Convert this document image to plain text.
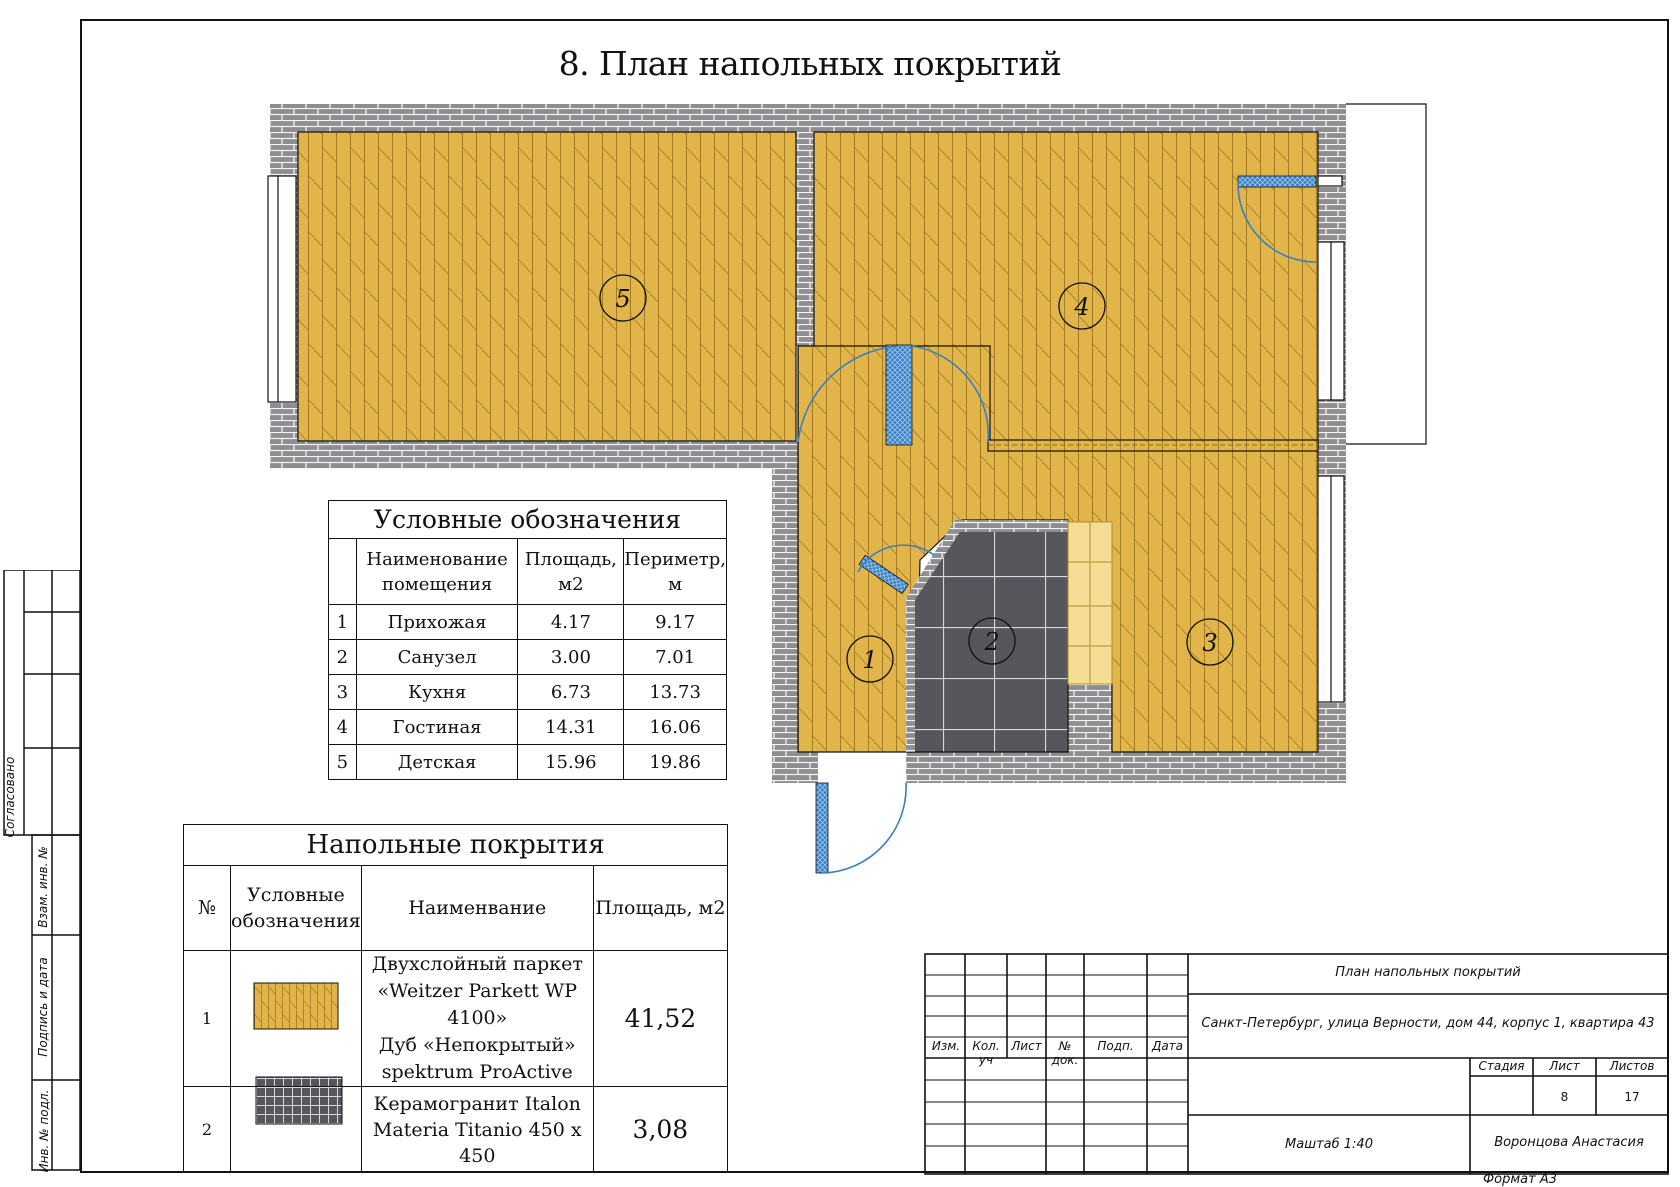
Согласовано
Взам. инв. №
Подпись и дата
Инв. № подл.
8. План напольных покрытий
1
2	3
4
5
Условные обозначения			
	Наименование помещения	Площадь, м2	Периметр, м
1	Прихожая	4.17	9.17
2	Санузел	3.00	7.01
3	Кухня	6.73	13.73
4	Гостиная	14.31	16.06
5	Детская	15.96	19.86
Напольные покрытия			
№	Условные обозначения	Наименвание	Площадь, м2
1		Двухслойный паркет
«Weitzer Parkett WP 4100»
Дуб «Непокрытый»
spektrum ProActive	41,52
2		Керамогранит Italon
Materia Titanio 450 x 450	3,08
План напольных покрытий
Санкт-Петербург, улица Верности, дом 44, корпус 1, квартира 43
Изм.	Кол. уч
Лист	№ док.
Подп.	Дата
Стадия	Лист	Листов
8	17
Маштаб 1:40	Воронцова Анастасия
Формат А3
